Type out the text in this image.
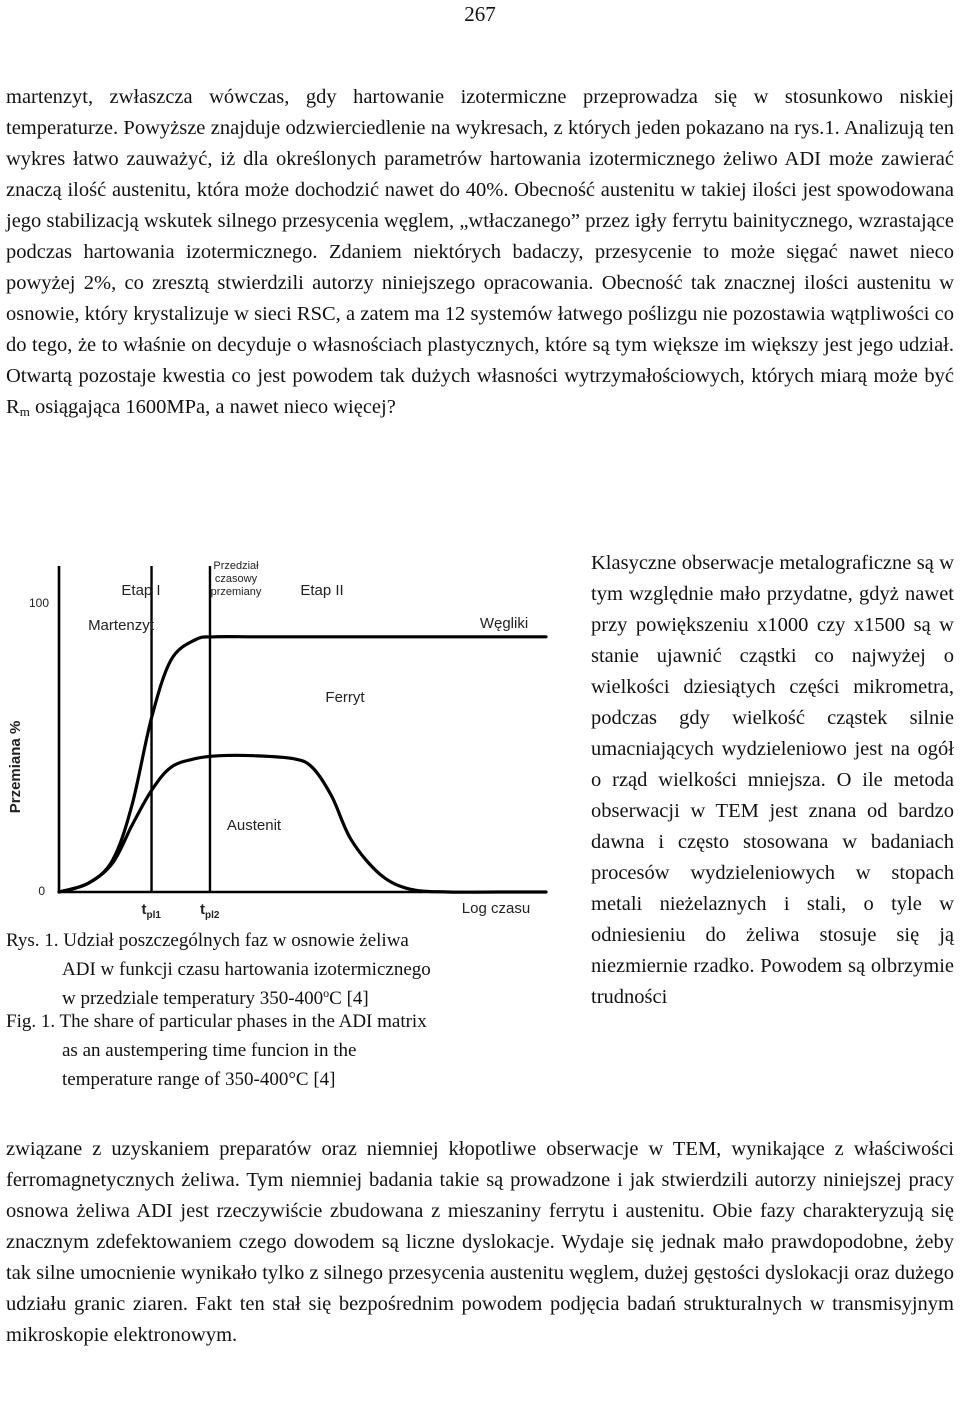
267

martenzyt, zwłaszcza wówczas, gdy hartowanie izotermiczne przeprowadza się w stosunkowo niskiej temperaturze. Powyższe znajduje odzwierciedlenie na wykresach, z których jeden pokazano na rys.1. Analizują ten wykres łatwo zauważyć, iż dla określonych parametrów hartowania izotermicznego żeliwo ADI może zawierać znaczą ilość austenitu, która może dochodzić nawet do 40%. Obecność austenitu w takiej ilości jest spowodowana jego stabilizacją wskutek silnego przesycenia węglem, „wtłaczanego” przez igły ferrytu bainitycznego, wzrastające podczas hartowania izotermicznego. Zdaniem niektórych badaczy, przesycenie to może sięgać nawet nieco powyżej 2%, co zresztą stwierdzili autorzy niniejszego opracowania. Obecność tak znacznej ilości austenitu w osnowie, który krystalizuje w sieci RSC, a zatem ma 12 systemów łatwego poślizgu nie pozostawia wątpliwości co do tego, że to właśnie on decyduje o własnościach plastycznych, które są tym większe im większy jest jego udział. Otwartą pozostaje kwestia co jest powodem tak dużych własności wytrzymałościowych, których miarą może być $R_m$ osiągająca 1600MPa, a nawet nieco więcej?

100
0
Przemiana %
Log czasu
$t_{pl1}$	$t_{pl2}$
Etap I
Przedział
czasowy
przemiany	Etap II
Martenzyt
Austenit
Ferryt
Węgliki
Rys. 1. Udział poszczególnych faz w osnowie żeliwa
ADI w funkcji czasu hartowania izotermicznego
w przedziale temperatury 350-400$^o$C [4]
Fig. 1. The share of particular phases in the ADI matrix
as an austempering time funcion in the
temperature range of 350-400°C [4]

Klasyczne obserwacje metalograficzne są w tym względnie mało przydatne, gdyż nawet przy powiększeniu x1000 czy x1500 są w stanie ujawnić cząstki co najwyżej o wielkości dziesiątych części mikrometra, podczas gdy wielkość cząstek silnie umacniających wydzieleniowo jest na ogół o rząd wielkości mniejsza. O ile metoda obserwacji w TEM jest znana od bardzo dawna i często stosowana w badaniach procesów wydzieleniowych w stopach metali nieżelaznych i stali, o tyle w odniesieniu do żeliwa stosuje się ją niezmiernie rzadko. Powodem są olbrzymie trudności

związane z uzyskaniem preparatów oraz niemniej kłopotliwe obserwacje w TEM, wynikające z właściwości ferromagnetycznych żeliwa. Tym niemniej badania takie są prowadzone i jak stwierdzili autorzy niniejszej pracy osnowa żeliwa ADI jest rzeczywiście zbudowana z mieszaniny ferrytu i austenitu. Obie fazy charakteryzują się znacznym zdefektowaniem czego dowodem są liczne dyslokacje. Wydaje się jednak mało prawdopodobne, żeby tak silne umocnienie wynikało tylko z silnego przesycenia austenitu węglem, dużej gęstości dyslokacji oraz dużego udziału granic ziaren. Fakt ten stał się bezpośrednim powodem podjęcia badań strukturalnych w transmisyjnym mikroskopie elektronowym.
